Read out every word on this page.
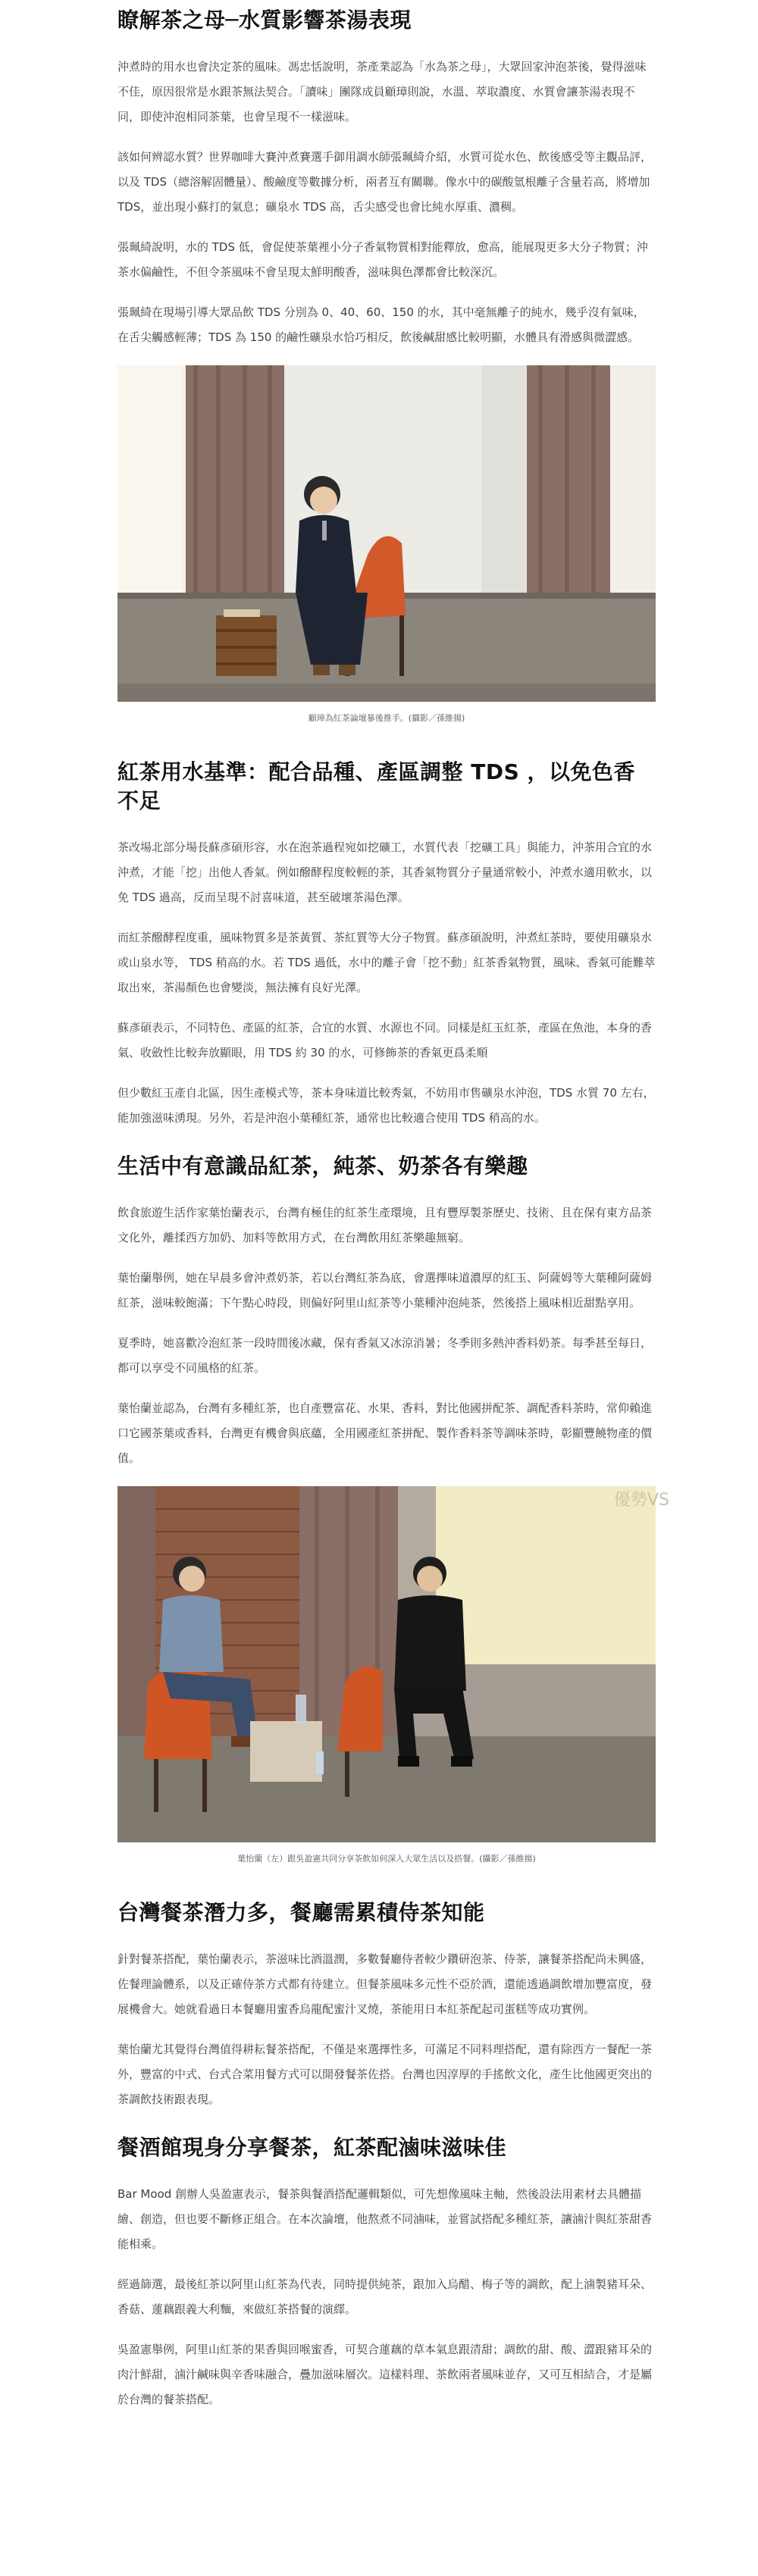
瞭解茶之母─水質影響茶湯表現

沖煮時的用水也會決定茶的風味。馮忠恬說明，茶產業認為「水為茶之母」，大眾回家沖泡茶後，覺得滋味不佳，原因很常是水跟茶無法契合。「讀味」團隊成員顧璋則說，水溫、萃取濃度、水質會讓茶湯表現不同，即使沖泡相同茶葉，也會呈現不一樣滋味。

該如何辨認水質？世界咖啡大賽沖煮賽選手御用調水師張珮綺介紹，水質可從水色、飲後感受等主觀品評，以及 TDS（總溶解固體量）、酸鹼度等數據分析，兩者互有關聯。像水中的碳酸氫根離子含量若高，將增加 TDS，並出現小蘇打的氣息；礦泉水 TDS 高，舌尖感受也會比純水厚重、濃稠。

張珮綺說明，水的 TDS 低，會促使茶葉裡小分子香氣物質相對能釋放，愈高，能展現更多大分子物質；沖茶水偏鹼性，不但令茶風味不會呈現太鮮明酸香，滋味與色澤都會比較深沉。

張珮綺在現場引導大眾品飲 TDS 分別為 0、40、60、150 的水，其中毫無離子的純水，幾乎沒有氣味，在舌尖觸感輕薄；TDS 為 150 的鹼性礦泉水恰巧相反，飲後鹹甜感比較明顯，水體具有滑感與微澀感。

顧璋為紅茶論壇暴後推手。(攝影／孫維揚)
紅茶用水基準：配合品種、產區調整 TDS ，以免色香不足

茶改場北部分場長蘇彥碩形容，水在泡茶過程宛如挖礦工，水質代表「挖礦工具」與能力，沖茶用合宜的水沖煮，才能「挖」出他人香氣。例如醱酵程度較輕的茶，其香氣物質分子量通常較小，沖煮水適用軟水，以免 TDS 過高，反而呈現不討喜味道，甚至破壞茶湯色澤。

而紅茶醱酵程度重，風味物質多是茶黃質、茶紅質等大分子物質。蘇彥碩說明，沖煮紅茶時，要使用礦泉水或山泉水等， TDS 稍高的水。若 TDS 過低，水中的離子會「挖不動」紅茶香氣物質，風味、香氣可能難萃取出來，茶湯顏色也會變淡，無法擁有良好光澤。

蘇彥碩表示，不同特色、產區的紅茶，合宜的水質、水源也不同。同樣是紅玉紅茶，產區在魚池，本身的香氣、收斂性比較奔放顯眼，用 TDS 約 30 的水，可修飾茶的香氣更爲柔順

但少數紅玉產自北區，因生產模式等，茶本身味道比較秀氣，不妨用市售礦泉水沖泡，TDS 水質 70 左右，能加強滋味湧現。另外，若是沖泡小葉種紅茶，通常也比較適合使用 TDS 稍高的水。

生活中有意識品紅茶，純茶、奶茶各有樂趣

飲食旅遊生活作家葉怡蘭表示，台灣有極佳的紅茶生產環境，且有豐厚製茶歷史、技術、且在保有東方品茶文化外，離揉西方加奶、加料等飲用方式，在台灣飲用紅茶樂趣無窮。

葉怡蘭舉例，她在早晨多會沖煮奶茶，若以台灣紅茶為底，會選擇味道濃厚的紅玉、阿薩姆等大葉種阿薩姆紅茶，滋味較飽滿；下午點心時段，則偏好阿里山紅茶等小葉種沖泡純茶，然後搭上風味相近甜點享用。

夏季時，她喜歡冷泡紅茶一段時間後冰藏，保有香氣又冰涼消暑；冬季則多熱沖香料奶茶。每季甚至每日，都可以享受不同風格的紅茶。

葉怡蘭並認為，台灣有多種紅茶，也自產豐富花、水果、香料，對比他國拼配茶、調配香料茶時，常仰賴進口它國茶葉或香料，台灣更有機會與底蘊，全用國產紅茶拼配、製作香料茶等調味茶時，彰顯豐饒物產的價值。

優勢VS
葉怡蘭（左）跟吳盈憲共同分享茶飲如何深入大眾生活以及搭餐。(攝影／孫維揚)
台灣餐茶潛力多，餐廳需累積侍茶知能

針對餐茶搭配，葉怡蘭表示，茶滋味比酒溫潤，多數餐廳侍者較少鑽研泡茶、侍茶，讓餐茶搭配尚未興盛，佐餐理論體系，以及正確侍茶方式都有待建立。但餐茶風味多元性不亞於酒，還能透過調飲增加豐富度，發展機會大。她就看過日本餐廳用蜜香烏龍配蜜汁叉燒，茶能用日本紅茶配起司蛋糕等成功實例。

葉怡蘭尤其覺得台灣值得耕耘餐茶搭配，不僅是來選擇性多，可滿足不同料理搭配，還有除西方一餐配一茶外，豐富的中式、台式合菜用餐方式可以開發餐茶佐搭。台灣也因淳厚的手搖飲文化，產生比他國更突出的茶調飲技術跟表現。

餐酒館現身分享餐茶，紅茶配滷味滋味佳

Bar Mood 創辦人吳盈憲表示，餐茶與餐酒搭配邏輯類似，可先想像風味主軸，然後設法用素材去具體描繪、創造，但也要不斷修正組合。在本次論壇，他熬煮不同滷味，並嘗試搭配多種紅茶，讓滷汁與紅茶甜香能相乘。

經過篩選，最後紅茶以阿里山紅茶為代表，同時提供純茶，跟加入烏醋、梅子等的調飲，配上滷製豬耳朵、香菇、蓮藕跟義大利麵，來做紅茶搭餐的演繹。

吳盈憲舉例，阿里山紅茶的果香與回喉蜜香，可契合蓮藕的草本氣息跟清甜；調飲的甜、酸、澀跟豬耳朵的肉汁鮮甜，滷汁鹹味與辛香味融合，疊加滋味層次。這樣料理、茶飲兩者風味並存，又可互相結合，才是屬於台灣的餐茶搭配。
